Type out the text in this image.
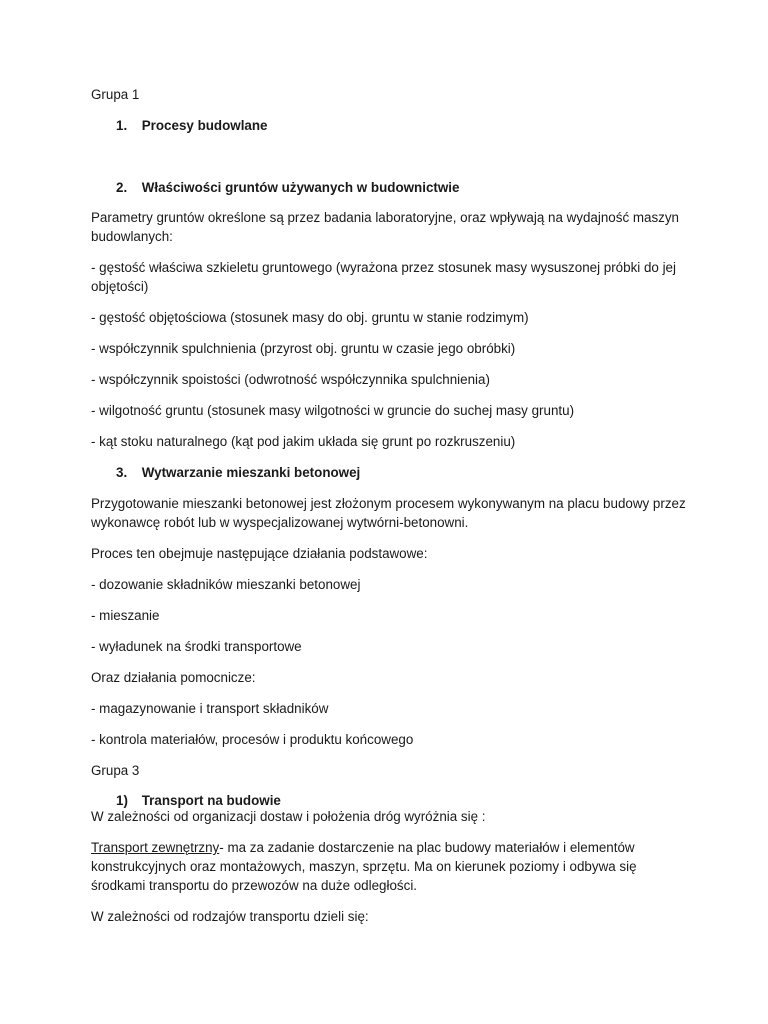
Grupa 1
1. Procesy budowlane
2. Właściwości gruntów używanych w budownictwie
Parametry gruntów określone są przez badania laboratoryjne, oraz wpływają na wydajność maszyn
budowlanych:
- gęstość właściwa szkieletu gruntowego (wyrażona przez stosunek masy wysuszonej próbki do jej
objętości)
- gęstość objętościowa (stosunek masy do obj. gruntu w stanie rodzimym)
- współczynnik spulchnienia (przyrost obj. gruntu w czasie jego obróbki)
- współczynnik spoistości (odwrotność współczynnika spulchnienia)
- wilgotność gruntu (stosunek masy wilgotności w gruncie do suchej masy gruntu)
- kąt stoku naturalnego (kąt pod jakim układa się grunt po rozkruszeniu)
3. Wytwarzanie mieszanki betonowej
Przygotowanie mieszanki betonowej jest złożonym procesem wykonywanym na placu budowy przez
wykonawcę robót lub w wyspecjalizowanej wytwórni-betonowni.
Proces ten obejmuje następujące działania podstawowe:
- dozowanie składników mieszanki betonowej
- mieszanie
- wyładunek na środki transportowe
Oraz działania pomocnicze:
- magazynowanie i transport składników
- kontrola materiałów, procesów i produktu końcowego
Grupa 3
1) Transport na budowie
W zależności od organizacji dostaw i położenia dróg wyróżnia się :
Transport zewnętrzny- ma za zadanie dostarczenie na plac budowy materiałów i elementów
konstrukcyjnych oraz montażowych, maszyn, sprzętu. Ma on kierunek poziomy i odbywa się
środkami transportu do przewozów na duże odległości.
W zależności od rodzajów transportu dzieli się:
